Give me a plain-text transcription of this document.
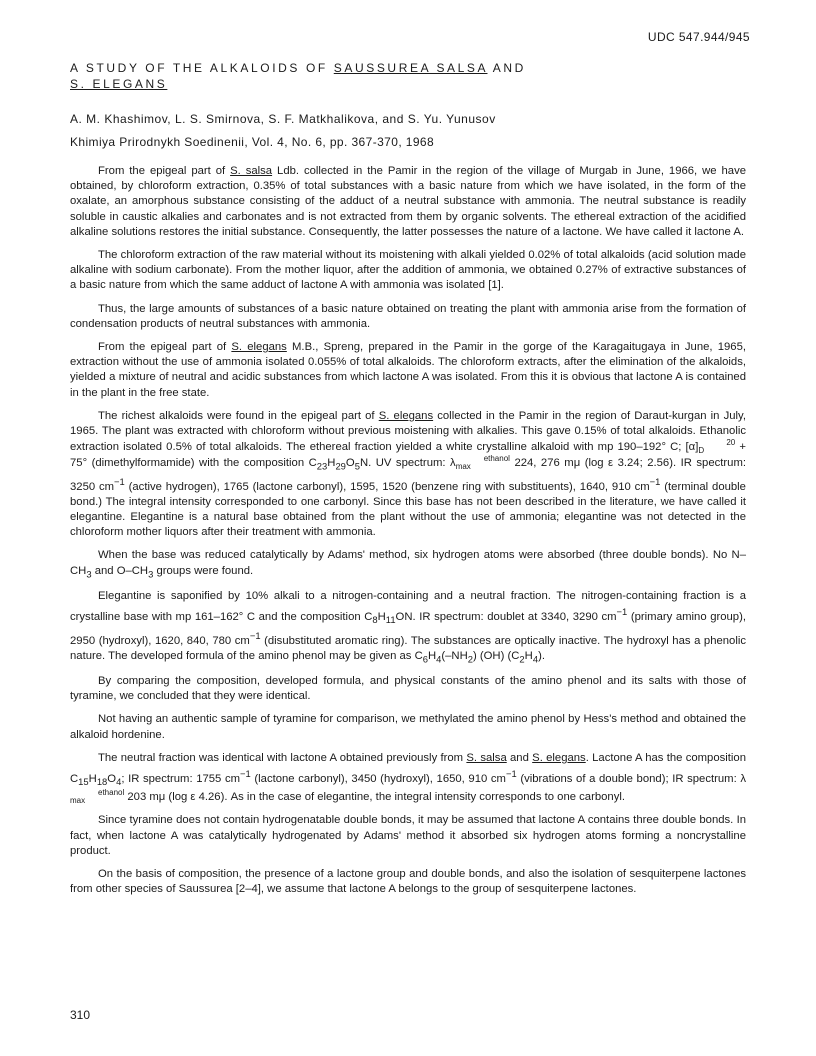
UDC 547.944/945
A STUDY OF THE ALKALOIDS OF SAUSSUREA SALSA AND
S. ELEGANS
A. M. Khashimov, L. S. Smirnova, S. F. Matkhalikova, and S. Yu. Yunusov
Khimiya Prirodnykh Soedinenii, Vol. 4, No. 6, pp. 367-370, 1968

From the epigeal part of S. salsa Ldb. collected in the Pamir in the region of the village of Murgab in June, 1966, we have obtained, by chloroform extraction, 0.35% of total substances with a basic nature from which we have isolated, in the form of the oxalate, an amorphous substance consisting of the adduct of a neutral substance with ammonia. The neutral substance is readily soluble in caustic alkalies and carbonates and is not extracted from them by organic solvents. The ethereal extraction of the acidified alkaline solutions restores the initial substance. Consequently, the latter possesses the nature of a lactone. We have called it lactone A.

The chloroform extraction of the raw material without its moistening with alkali yielded 0.02% of total alkaloids (acid solution made alkaline with sodium carbonate). From the mother liquor, after the addition of ammonia, we obtained 0.27% of extractive substances of a basic nature from which the same adduct of lactone A with ammonia was isolated [1].

Thus, the large amounts of substances of a basic nature obtained on treating the plant with ammonia arise from the formation of condensation products of neutral substances with ammonia.

From the epigeal part of S. elegans M.B., Spreng, prepared in the Pamir in the gorge of the Karagaitugaya in June, 1965, extraction without the use of ammonia isolated 0.055% of total alkaloids. The chloroform extracts, after the elimination of the alkaloids, yielded a mixture of neutral and acidic substances from which lactone A was isolated. From this it is obvious that lactone A is contained in the plant in the free state.

The richest alkaloids were found in the epigeal part of S. elegans collected in the Pamir in the region of Daraut-kurgan in July, 1965. The plant was extracted with chloroform without previous moistening with alkalies. This gave 0.15% of total alkaloids. Ethanolic extraction isolated 0.5% of total alkaloids. The ethereal fraction yielded a white crystalline alkaloid with mp 190–192° C; [α]	20
D	+ 75° (dimethylformamide) with the composition $C_{23}H_{29}O_5N$. UV spectrum: λ	ethanol
max	224, 276 mμ (log ε 3.24; 2.56). IR spectrum: 3250 $cm^{-1}$ (active hydrogen), 1765 (lactone carbonyl), 1595, 1520 (benzene ring with substituents), 1640, 910 $cm^{-1}$ (terminal double bond.) The integral intensity corresponded to one carbonyl. Since this base has not been described in the literature, we have called it elegantine. Elegantine is a natural base obtained from the plant without the use of ammonia; elegantine was not detected in the chloroform mother liquors after their treatment with ammonia.

When the base was reduced catalytically by Adams' method, six hydrogen atoms were absorbed (three double bonds). No $N-CH_3$ and $O-CH_3$ groups were found.

Elegantine is saponified by 10% alkali to a nitrogen-containing and a neutral fraction. The nitrogen-containing fraction is a crystalline base with mp 161–162° C and the composition $C_8H_{11}ON$. IR spectrum: doublet at 3340, 3290 $cm^{-1}$ (primary amino group), 2950 (hydroxyl), 1620, 840, 780 $cm^{-1}$ (disubstituted aromatic ring). The substances are optically inactive. The hydroxyl has a phenolic nature. The developed formula of the amino phenol may be given as $C_6H_4(-NH_2)$ (OH) $(C_2H_4)$.

By comparing the composition, developed formula, and physical constants of the amino phenol and its salts with those of tyramine, we concluded that they were identical.

Not having an authentic sample of tyramine for comparison, we methylated the amino phenol by Hess's method and obtained the alkaloid hordenine.

The neutral fraction was identical with lactone A obtained previously from S. salsa and S. elegans. Lactone A has the composition $C_{15}H_{18}O_4$; IR spectrum: 1755 $cm^{-1}$ (lactone carbonyl), 3450 (hydroxyl), 1650, 910 $cm^{-1}$ (vibrations of a double bond); IR spectrum: λethanol
max	203 mμ (log ε 4.26). As in the case of elegantine, the integral intensity corresponds to one carbonyl.

Since tyramine does not contain hydrogenatable double bonds, it may be assumed that lactone A contains three double bonds. In fact, when lactone A was catalytically hydrogenated by Adams' method it absorbed six hydrogen atoms forming a noncrystalline product.

On the basis of composition, the presence of a lactone group and double bonds, and also the isolation of sesquiterpene lactones from other species of Saussurea [2–4], we assume that lactone A belongs to the group of sesquiterpene lactones.

310
